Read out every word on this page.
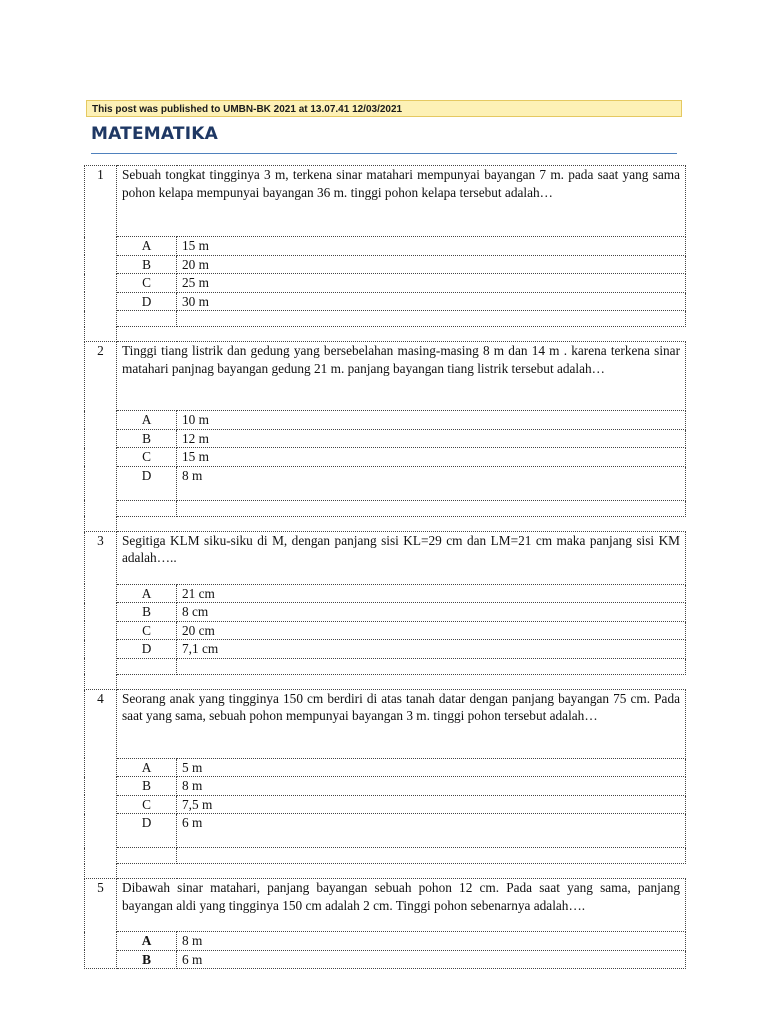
This post was published to UMBN-BK 2021 at 13.07.41 12/03/2021
MATEMATIKA
1	Sebuah tongkat tingginya 3 m, terkena sinar matahari mempunyai bayangan 7 m. pada saat yang sama pohon kelapa mempunyai bayangan 36 m. tinggi pohon kelapa tersebut adalah…	
	A	15 m
	B	20 m
	C	25 m
	D	30 m

2	Tinggi tiang listrik dan gedung yang bersebelahan masing-masing 8 m dan 14 m . karena terkena sinar matahari panjnag bayangan gedung 21 m. panjang bayangan tiang listrik tersebut adalah…	
	A	10 m
	B	12 m
	C	15 m
	D	8 m

3	Segitiga KLM siku-siku di M, dengan panjang sisi KL=29 cm dan LM=21 cm maka panjang sisi KM adalah…..	
	A	21 cm
	B	8 cm
	C	20 cm
	D	7,1 cm

4	Seorang anak yang tingginya 150 cm berdiri di atas tanah datar dengan panjang bayangan 75 cm. Pada saat yang sama, sebuah pohon mempunyai bayangan 3 m. tinggi pohon tersebut adalah…	
	A	5 m
	B	8 m
	C	7,5 m
	D	6 m

5	Dibawah sinar matahari, panjang bayangan sebuah pohon 12 cm. Pada saat yang sama, panjang bayangan aldi yang tingginya 150 cm adalah 2 cm. Tinggi pohon sebenarnya adalah….	
	A	8 m
	B	6 m
